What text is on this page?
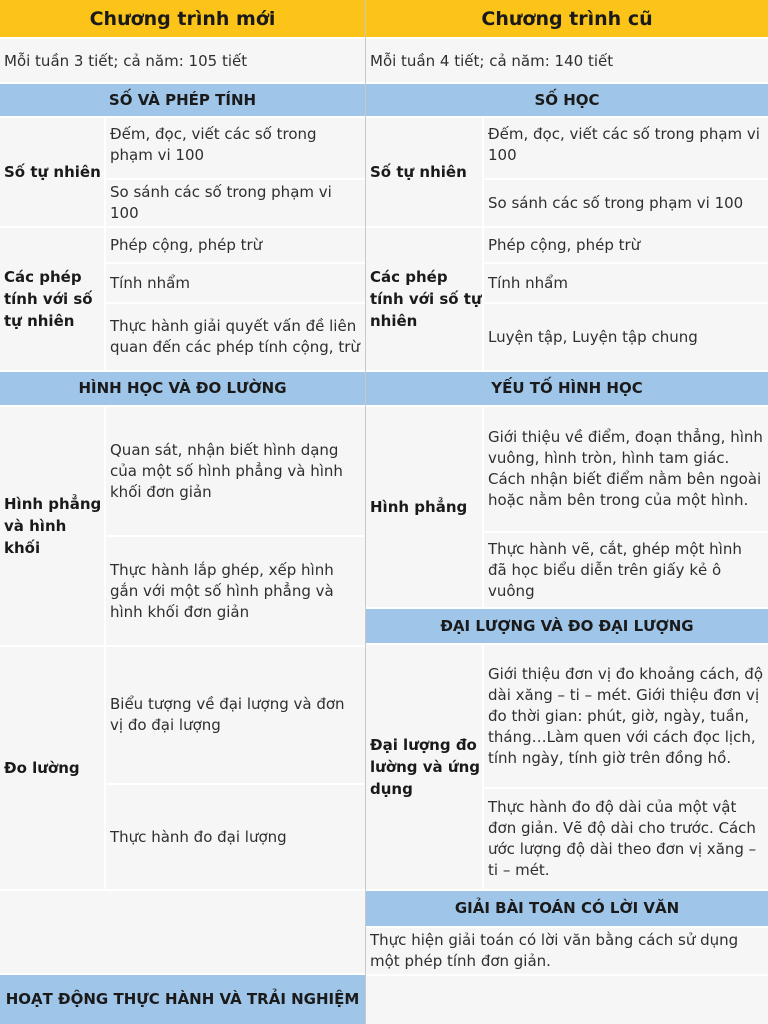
Chương trình mới
Mỗi tuần 3 tiết; cả năm: 105 tiết
SỐ VÀ PHÉP TÍNH
Số tự nhiên
Đếm, đọc, viết các số trong phạm vi 100
So sánh các số trong phạm vi 100
Các phép tính với số tự nhiên
Phép cộng, phép trừ
Tính nhẩm
Thực hành giải quyết vấn đề liên quan đến các phép tính cộng, trừ
HÌNH HỌC VÀ ĐO LƯỜNG
Hình phẳng và hình khối
Quan sát, nhận biết hình dạng của một số hình phẳng và hình khối đơn giản
Thực hành lắp ghép, xếp hình gắn với một số hình phẳng và hình khối đơn giản
Đo lường
Biểu tượng về đại lượng và đơn vị đo đại lượng
Thực hành đo đại lượng
HOẠT ĐỘNG THỰC HÀNH VÀ TRẢI NGHIỆM
Chương trình cũ
Mỗi tuần 4 tiết; cả năm: 140 tiết
SỐ HỌC
Số tự nhiên
Đếm, đọc, viết các số trong phạm vi 100
So sánh các số trong phạm vi 100
Các phép tính với số tự nhiên
Phép cộng, phép trừ
Tính nhẩm
Luyện tập, Luyện tập chung
YẾU TỐ HÌNH HỌC
Hình phẳng
Giới thiệu về điểm, đoạn thẳng, hình vuông, hình tròn, hình tam giác. Cách nhận biết điểm nằm bên ngoài hoặc nằm bên trong của một hình.
Thực hành vẽ, cắt, ghép một hình đã học biểu diễn trên giấy kẻ ô vuông
ĐẠI LƯỢNG VÀ ĐO ĐẠI LƯỢNG
Đại lượng đo lường và ứng dụng
Giới thiệu đơn vị đo khoảng cách, độ dài xăng – ti – mét. Giới thiệu đơn vị đo thời gian: phút, giờ, ngày, tuần, tháng…Làm quen với cách đọc lịch, tính ngày, tính giờ trên đồng hồ.
Thực hành đo độ dài của một vật đơn giản. Vẽ độ dài cho trước. Cách ước lượng độ dài theo đơn vị xăng – ti – mét.
GIẢI BÀI TOÁN CÓ LỜI VĂN
Thực hiện giải toán có lời văn bằng cách sử dụng một phép tính đơn giản.
